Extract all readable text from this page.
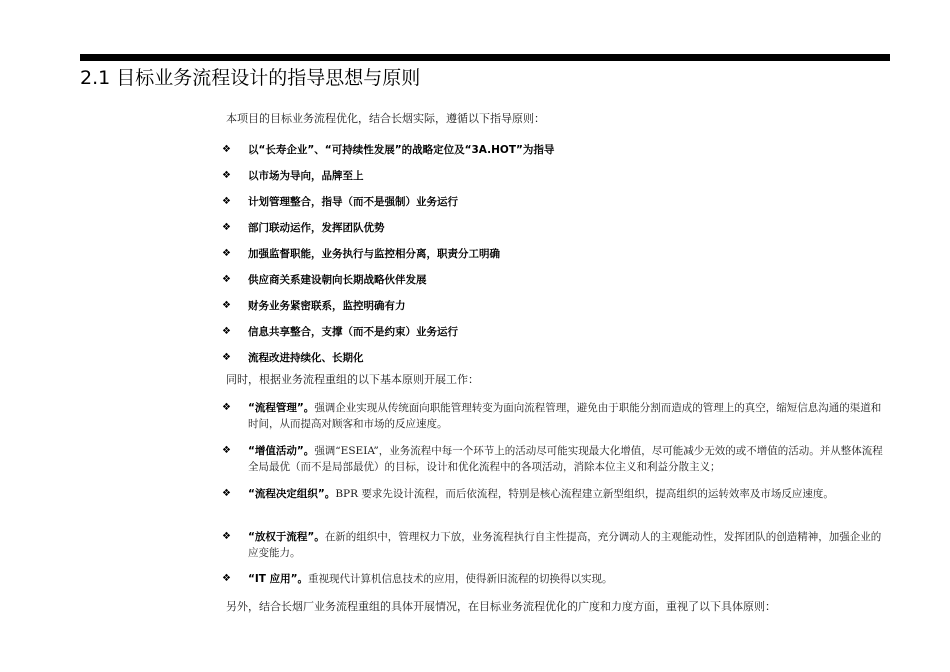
2.1 目标业务流程设计的指导思想与原则
本项目的目标业务流程优化，结合长烟实际，遵循以下指导原则：
❖	以“长寿企业”、“可持续性发展”的战略定位及“3A.HOT”为指导
❖	以市场为导向，品牌至上
❖	计划管理整合，指导（而不是强制）业务运行
❖	部门联动运作，发挥团队优势
❖	加强监督职能，业务执行与监控相分离，职责分工明确
❖	供应商关系建设朝向长期战略伙伴发展
❖	财务业务紧密联系，监控明确有力
❖	信息共享整合，支撑（而不是约束）业务运行
❖	流程改进持续化、长期化
同时，根据业务流程重组的以下基本原则开展工作：
❖	“流程管理”。强调企业实现从传统面向职能管理转变为面向流程管理，避免由于职能分割而造成的管理上的真空，缩短信息沟通的渠道和时间，从而提高对顾客和市场的反应速度。
❖	“增值活动”。强调“ESEIA”，业务流程中每一个环节上的活动尽可能实现最大化增值，尽可能减少无效的或不增值的活动。并从整体流程全局最优（而不是局部最优）的目标，设计和优化流程中的各项活动，消除本位主义和利益分散主义；
❖	“流程决定组织”。BPR 要求先设计流程，而后依流程，特别是核心流程建立新型组织，提高组织的运转效率及市场反应速度。
❖	“放权于流程”。在新的组织中，管理权力下放，业务流程执行自主性提高，充分调动人的主观能动性，发挥团队的创造精神，加强企业的应变能力。
❖	“IT 应用”。重视现代计算机信息技术的应用，使得新旧流程的切换得以实现。
另外，结合长烟厂业务流程重组的具体开展情况，在目标业务流程优化的广度和力度方面，重视了以下具体原则：
